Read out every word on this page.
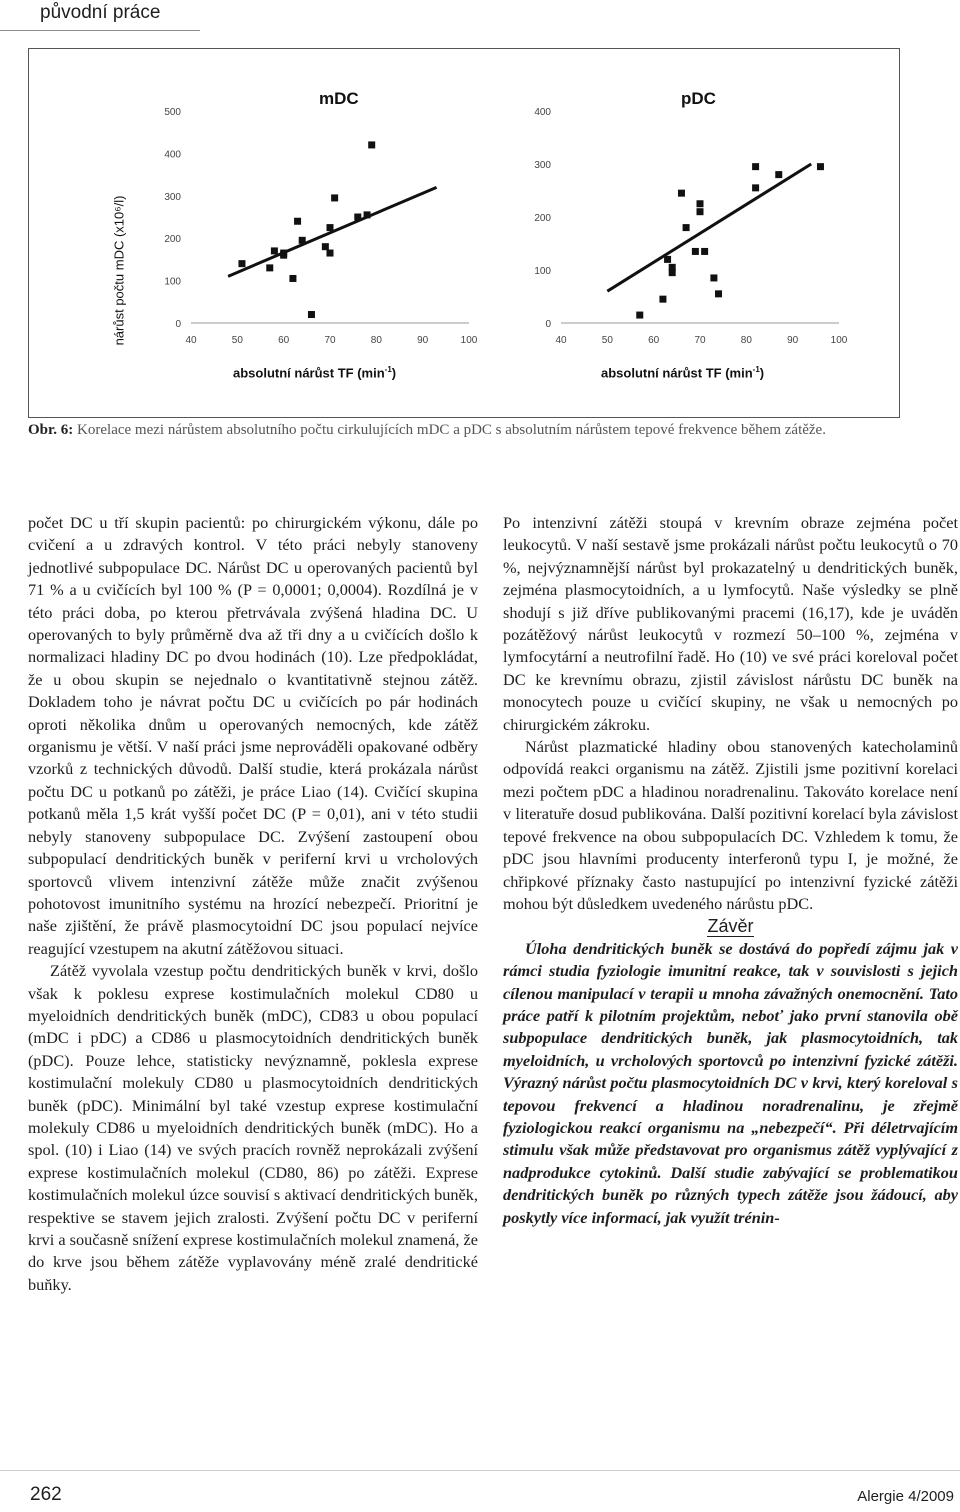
původní práce
mDC	pDC
nárůst počtu mDC (x10⁶/l)	40	50	60	70	80	90	100
0
100
200
300
400
500
40	50	60	70	80	90	100
0
100
200
300
400
absolutní nárůst TF $(\min^{-1})$	absolutní nárůst TF $(\min^{-1})$
Obr. 6: Korelace mezi nárůstem absolutního počtu cirkulujících mDC a pDC s absolutním nárůstem tepové frekvence během zátěže.

počet DC u tří skupin pacientů: po chirurgickém výkonu, dále po cvičení a u zdravých kontrol. V této práci nebyly stanoveny jednotlivé subpopulace DC. Nárůst DC u operovaných pacientů byl 71 % a u cvičících byl 100 % (P = 0,0001; 0,0004). Rozdílná je v této práci doba, po kterou přetrvávala zvýšená hladina DC. U operovaných to byly průměrně dva až tři dny a u cvičících došlo k normalizaci hladiny DC po dvou hodinách (10). Lze předpokládat, že u obou skupin se nejednalo o kvantitativně stejnou zátěž. Dokladem toho je návrat počtu DC u cvičících po pár hodinách oproti několika dnům u operovaných nemocných, kde zátěž organismu je větší. V naší práci jsme neprováděli opakované odběry vzorků z technických důvodů. Další studie, která prokázala nárůst počtu DC u potkanů po zátěži, je práce Liao (14). Cvičící skupina potkanů měla 1,5 krát vyšší počet DC (P = 0,01), ani v této studii nebyly stanoveny subpopulace DC. Zvýšení zastoupení obou subpopulací dendritických buněk v periferní krvi u vrcholových sportovců vlivem intenzivní zátěže může značit zvýšenou pohotovost imunitního systému na hrozící nebezpečí. Prioritní je naše zjištění, že právě plasmocytoidní DC jsou populací nejvíce reagující vzestupem na akutní zátěžovou situaci.

Zátěž vyvolala vzestup počtu dendritických buněk v krvi, došlo však k poklesu exprese kostimulačních molekul CD80 u myeloidních dendritických buněk (mDC), CD83 u obou populací (mDC i pDC) a CD86 u plasmocytoidních dendritických buněk (pDC). Pouze lehce, statisticky nevýznamně, poklesla exprese kostimulační molekuly CD80 u plasmocytoidních dendritických buněk (pDC). Minimální byl také vzestup exprese kostimulační molekuly CD86 u myeloidních dendritických buněk (mDC). Ho a spol. (10) i Liao (14) ve svých pracích rovněž neprokázali zvýšení exprese kostimulačních molekul (CD80, 86) po zátěži. Exprese kostimulačních molekul úzce souvisí s aktivací dendritických buněk, respektive se stavem jejich zralosti. Zvýšení počtu DC v periferní krvi a současně snížení exprese kostimulačních molekul znamená, že do krve jsou během zátěže vyplavovány méně zralé dendritické buňky.

Po intenzivní zátěži stoupá v krevním obraze zejména počet leukocytů. V naší sestavě jsme prokázali nárůst počtu leukocytů o 70 %, nejvýznamnější nárůst byl prokazatelný u dendritických buněk, zejména plasmocytoidních, a u lymfocytů. Naše výsledky se plně shodují s již dříve publikovanými pracemi (16,17), kde je uváděn pozátěžový nárůst leukocytů v rozmezí 50–100 %, zejména v lymfocytární a neutrofilní řadě. Ho (10) ve své práci koreloval počet DC ke krevnímu obrazu, zjistil závislost nárůstu DC buněk na monocytech pouze u cvičící skupiny, ne však u nemocných po chirurgickém zákroku.

Nárůst plazmatické hladiny obou stanovených katecholaminů odpovídá reakci organismu na zátěž. Zjistili jsme pozitivní korelaci mezi počtem pDC a hladinou noradrenalinu. Takováto korelace není v literatuře dosud publikována. Další pozitivní korelací byla závislost tepové frekvence na obou subpopulacích DC. Vzhledem k tomu, že pDC jsou hlavními producenty interferonů typu I, je možné, že chřipkové příznaky často nastupující po intenzivní fyzické zátěži mohou být důsledkem uvedeného nárůstu pDC.

Závěr

Úloha dendritických buněk se dostává do popředí zájmu jak v rámci studia fyziologie imunitní reakce, tak v souvislosti s jejich cílenou manipulací v terapii u mnoha závažných onemocnění. Tato práce patří k pilotním projektům, neboť jako první stanovila obě subpopulace dendritických buněk, jak plasmocytoidních, tak myeloidních, u vrcholových sportovců po intenzivní fyzické zátěži. Výrazný nárůst počtu plasmocytoidních DC v krvi, který koreloval s tepovou frekvencí a hladinou noradrenalinu, je zřejmě fyziologickou reakcí organismu na „nebezpečí“. Při déletrvajícím stimulu však může představovat pro organismus zátěž vyplývající z nadprodukce cytokinů. Další studie zabývající se problematikou dendritických buněk po různých typech zátěže jsou žádoucí, aby poskytly více informací, jak využít trénin-

262	Alergie 4/2009
